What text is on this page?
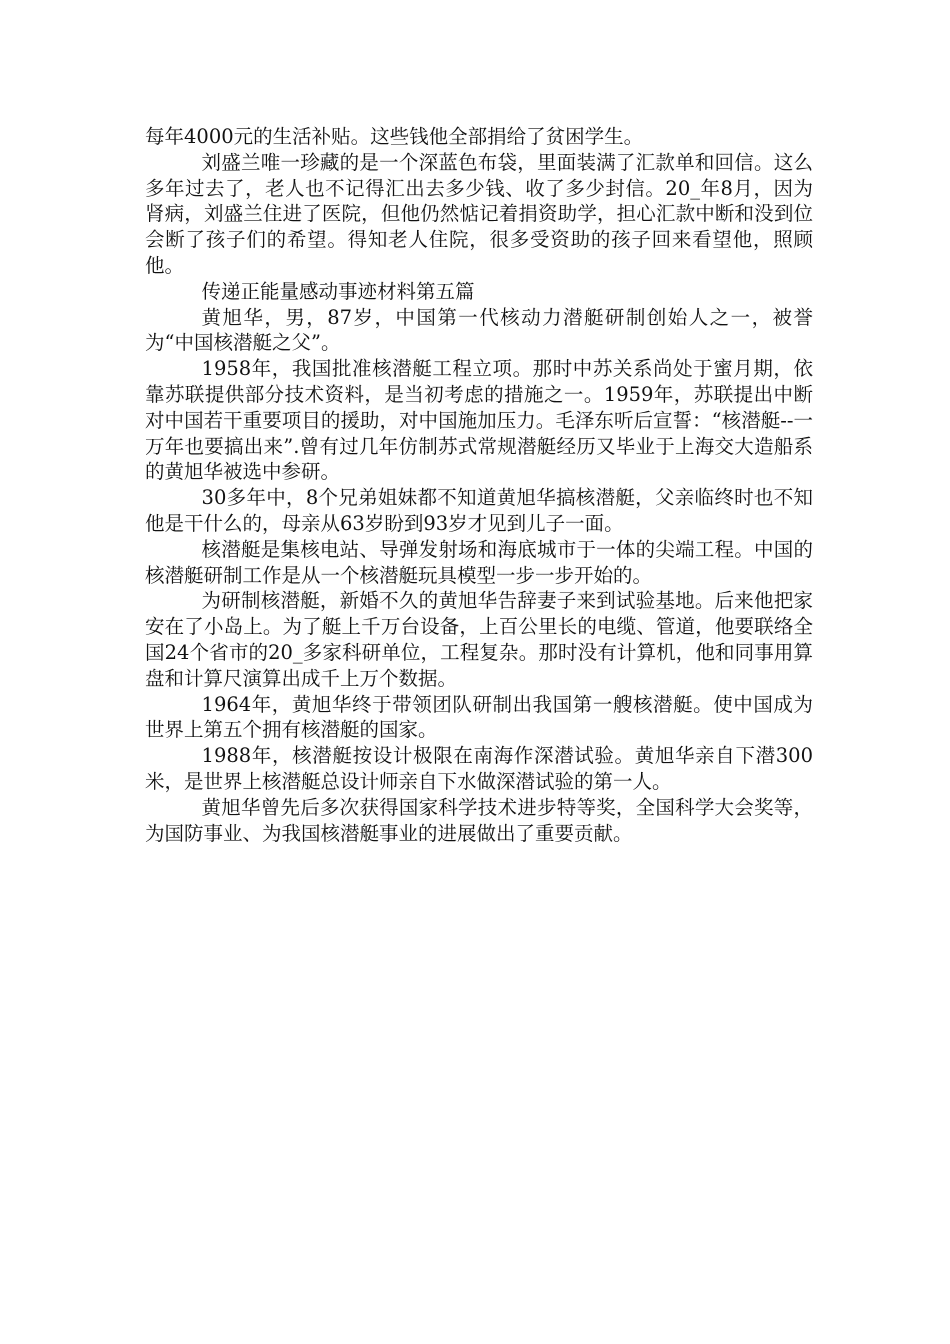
每年4000元的生活补贴。这些钱他全部捐给了贫困学生。

刘盛兰唯一珍藏的是一个深蓝色布袋，里面装满了汇款单和回信。这么多年过去了，老人也不记得汇出去多少钱、收了多少封信。20_年8月，因为肾病，刘盛兰住进了医院，但他仍然惦记着捐资助学，担心汇款中断和没到位会断了孩子们的希望。得知老人住院，很多受资助的孩子回来看望他，照顾他。

传递正能量感动事迹材料第五篇

黄旭华，男，87岁，中国第一代核动力潜艇研制创始人之一，被誉为“中国核潜艇之父”。

1958年，我国批准核潜艇工程立项。那时中苏关系尚处于蜜月期，依靠苏联提供部分技术资料，是当初考虑的措施之一。1959年，苏联提出中断对中国若干重要项目的援助，对中国施加压力。毛泽东听后宣誓：“核潜艇--一万年也要搞出来”.曾有过几年仿制苏式常规潜艇经历又毕业于上海交大造船系的黄旭华被选中参研。

30多年中，8个兄弟姐妹都不知道黄旭华搞核潜艇，父亲临终时也不知他是干什么的，母亲从63岁盼到93岁才见到儿子一面。

核潜艇是集核电站、导弹发射场和海底城市于一体的尖端工程。中国的核潜艇研制工作是从一个核潜艇玩具模型一步一步开始的。

为研制核潜艇，新婚不久的黄旭华告辞妻子来到试验基地。后来他把家安在了小岛上。为了艇上千万台设备，上百公里长的电缆、管道，他要联络全国24个省市的20_多家科研单位，工程复杂。那时没有计算机，他和同事用算盘和计算尺演算出成千上万个数据。

1964年，黄旭华终于带领团队研制出我国第一艘核潜艇。使中国成为世界上第五个拥有核潜艇的国家。

1988年，核潜艇按设计极限在南海作深潜试验。黄旭华亲自下潜300米，是世界上核潜艇总设计师亲自下水做深潜试验的第一人。

黄旭华曾先后多次获得国家科学技术进步特等奖，全国科学大会奖等，为国防事业、为我国核潜艇事业的进展做出了重要贡献。
